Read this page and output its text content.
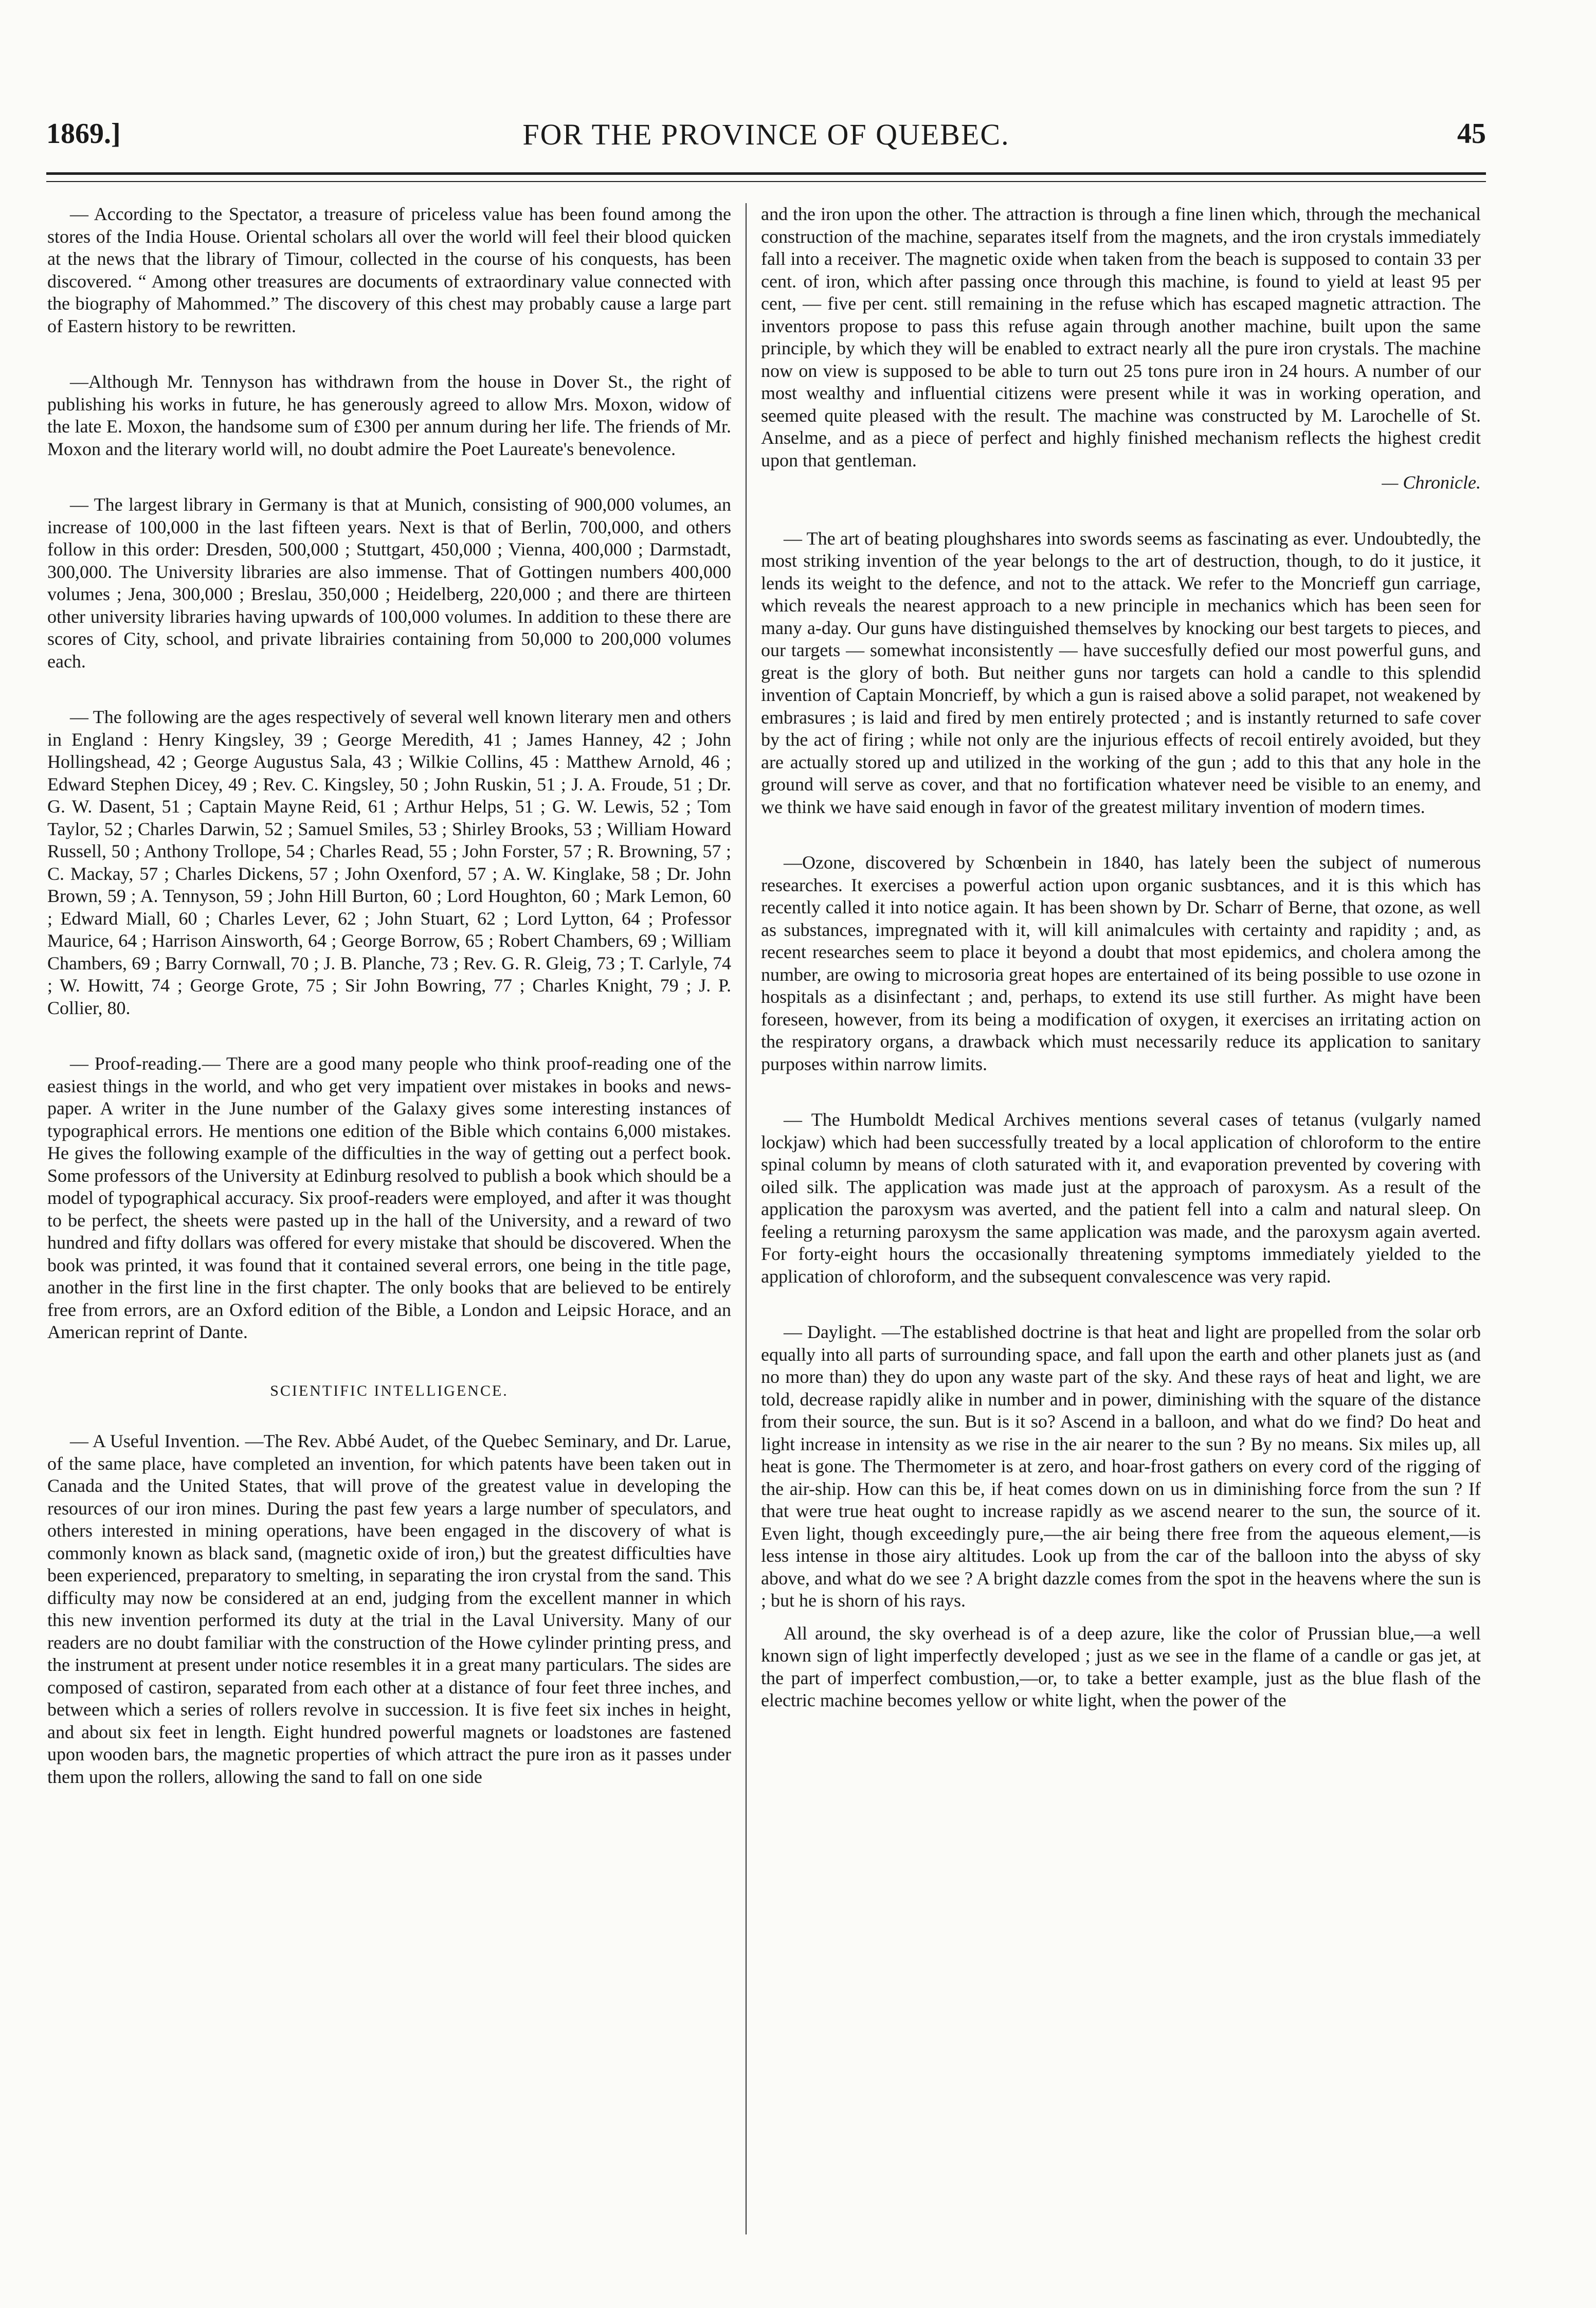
1869.]	FOR THE PROVINCE OF QUEBEC.	45

— According to the Spectator, a treasure of priceless value has been found among the stores of the India House. Oriental scholars all over the world will feel their blood quicken at the news that the library of Timour, collected in the course of his conquests, has been discovered. “ Among other treasures are documents of extraordinary value connected with the biography of Mahommed.” The discovery of this chest may probably cause a large part of Eastern history to be rewritten.

—Although Mr. Tennyson has withdrawn from the house in Dover St., the right of publishing his works in future, he has generously agreed to allow Mrs. Moxon, widow of the late E. Moxon, the handsome sum of £300 per annum during her life. The friends of Mr. Moxon and the literary world will, no doubt admire the Poet Laureate's benevolence.

— The largest library in Germany is that at Munich, consisting of 900,000 volumes, an increase of 100,000 in the last fifteen years. Next is that of Berlin, 700,000, and others follow in this order: Dresden, 500,000 ; Stuttgart, 450,000 ; Vienna, 400,000 ; Darmstadt, 300,000. The University libraries are also immense. That of Gottingen numbers 400,000 volumes ; Jena, 300,000 ; Breslau, 350,000 ; Heidelberg, 220,000 ; and there are thirteen other university libraries having upwards of 100,000 volumes. In addition to these there are scores of City, school, and private librairies containing from 50,000 to 200,000 volumes each.

— The following are the ages respectively of several well known literary men and others in England : Henry Kingsley, 39 ; George Meredith, 41 ; James Hanney, 42 ; John Hollingshead, 42 ; George Augustus Sala, 43 ; Wilkie Collins, 45 : Matthew Arnold, 46 ; Edward Stephen Dicey, 49 ; Rev. C. Kingsley, 50 ; John Ruskin, 51 ; J. A. Froude, 51 ; Dr. G. W. Dasent, 51 ; Captain Mayne Reid, 61 ; Arthur Helps, 51 ; G. W. Lewis, 52 ; Tom Taylor, 52 ; Charles Darwin, 52 ; Samuel Smiles, 53 ; Shirley Brooks, 53 ; William Howard Russell, 50 ; Anthony Trollope, 54 ; Charles Read, 55 ; John Forster, 57 ; R. Browning, 57 ; C. Mackay, 57 ; Charles Dickens, 57 ; John Oxenford, 57 ; A. W. Kinglake, 58 ; Dr. John Brown, 59 ; A. Tennyson, 59 ; John Hill Burton, 60 ; Lord Houghton, 60 ; Mark Lemon, 60 ; Edward Miall, 60 ; Charles Lever, 62 ; John Stuart, 62 ; Lord Lytton, 64 ; Professor Maurice, 64 ; Harrison Ainsworth, 64 ; George Borrow, 65 ; Robert Chambers, 69 ; William Chambers, 69 ; Barry Cornwall, 70 ; J. B. Planche, 73 ; Rev. G. R. Gleig, 73 ; T. Carlyle, 74 ; W. Howitt, 74 ; George Grote, 75 ; Sir John Bowring, 77 ; Charles Knight, 79 ; J. P. Collier, 80.

— Proof-reading.— There are a good many people who think proof-reading one of the easiest things in the world, and who get very impatient over mistakes in books and news-paper. A writer in the June number of the Galaxy gives some interesting instances of typographical errors. He mentions one edition of the Bible which contains 6,000 mistakes. He gives the following example of the difficulties in the way of getting out a perfect book. Some professors of the University at Edinburg resolved to publish a book which should be a model of typographical accuracy. Six proof-readers were employed, and after it was thought to be perfect, the sheets were pasted up in the hall of the University, and a reward of two hundred and fifty dollars was offered for every mistake that should be discovered. When the book was printed, it was found that it contained several errors, one being in the title page, another in the first line in the first chapter. The only books that are believed to be entirely free from errors, are an Oxford edition of the Bible, a London and Leipsic Horace, and an American reprint of Dante.

SCIENTIFIC INTELLIGENCE.

— A Useful Invention. —The Rev. Abbé Audet, of the Quebec Seminary, and Dr. Larue, of the same place, have completed an invention, for which patents have been taken out in Canada and the United States, that will prove of the greatest value in developing the resources of our iron mines. During the past few years a large number of speculators, and others interested in mining operations, have been engaged in the discovery of what is commonly known as black sand, (magnetic oxide of iron,) but the greatest difficulties have been experienced, preparatory to smelting, in separating the iron crystal from the sand. This difficulty may now be considered at an end, judging from the excellent manner in which this new invention performed its duty at the trial in the Laval University. Many of our readers are no doubt familiar with the construction of the Howe cylinder printing press, and the instrument at present under notice resembles it in a great many particulars. The sides are composed of castiron, separated from each other at a distance of four feet three inches, and between which a series of rollers revolve in succession. It is five feet six inches in height, and about six feet in length. Eight hundred powerful magnets or loadstones are fastened upon wooden bars, the magnetic properties of which attract the pure iron as it passes under them upon the rollers, allowing the sand to fall on one side

and the iron upon the other. The attraction is through a fine linen which, through the mechanical construction of the machine, separates itself from the magnets, and the iron crystals immediately fall into a receiver. The magnetic oxide when taken from the beach is supposed to contain 33 per cent. of iron, which after passing once through this machine, is found to yield at least 95 per cent, — five per cent. still remaining in the refuse which has escaped magnetic attraction. The inventors propose to pass this refuse again through another machine, built upon the same principle, by which they will be enabled to extract nearly all the pure iron crystals. The machine now on view is supposed to be able to turn out 25 tons pure iron in 24 hours. A number of our most wealthy and influential citizens were present while it was in working operation, and seemed quite pleased with the result. The machine was constructed by M. Larochelle of St. Anselme, and as a piece of perfect and highly finished mechanism reflects the highest credit upon that gentleman.

— Chronicle.

— The art of beating ploughshares into swords seems as fascinating as ever. Undoubtedly, the most striking invention of the year belongs to the art of destruction, though, to do it justice, it lends its weight to the defence, and not to the attack. We refer to the Moncrieff gun carriage, which reveals the nearest approach to a new principle in mechanics which has been seen for many a-day. Our guns have distinguished themselves by knocking our best targets to pieces, and our targets — somewhat inconsistently — have succesfully defied our most powerful guns, and great is the glory of both. But neither guns nor targets can hold a candle to this splendid invention of Captain Moncrieff, by which a gun is raised above a solid parapet, not weakened by embrasures ; is laid and fired by men entirely protected ; and is instantly returned to safe cover by the act of firing ; while not only are the injurious effects of recoil entirely avoided, but they are actually stored up and utilized in the working of the gun ; add to this that any hole in the ground will serve as cover, and that no fortification whatever need be visible to an enemy, and we think we have said enough in favor of the greatest military invention of modern times.

—Ozone, discovered by Schœnbein in 1840, has lately been the subject of numerous researches. It exercises a powerful action upon organic susbtances, and it is this which has recently called it into notice again. It has been shown by Dr. Scharr of Berne, that ozone, as well as substances, impregnated with it, will kill animalcules with certainty and rapidity ; and, as recent researches seem to place it beyond a doubt that most epidemics, and cholera among the number, are owing to microsoria great hopes are entertained of its being possible to use ozone in hospitals as a disinfectant ; and, perhaps, to extend its use still further. As might have been foreseen, however, from its being a modification of oxygen, it exercises an irritating action on the respiratory organs, a drawback which must necessarily reduce its application to sanitary purposes within narrow limits.

— The Humboldt Medical Archives mentions several cases of tetanus (vulgarly named lockjaw) which had been successfully treated by a local application of chloroform to the entire spinal column by means of cloth saturated with it, and evaporation prevented by covering with oiled silk. The application was made just at the approach of paroxysm. As a result of the application the paroxysm was averted, and the patient fell into a calm and natural sleep. On feeling a returning paroxysm the same application was made, and the paroxysm again averted. For forty-eight hours the occasionally threatening symptoms immediately yielded to the application of chloroform, and the subsequent convalescence was very rapid.

— Daylight. —The established doctrine is that heat and light are propelled from the solar orb equally into all parts of surrounding space, and fall upon the earth and other planets just as (and no more than) they do upon any waste part of the sky. And these rays of heat and light, we are told, decrease rapidly alike in number and in power, diminishing with the square of the distance from their source, the sun. But is it so? Ascend in a balloon, and what do we find? Do heat and light increase in intensity as we rise in the air nearer to the sun ? By no means. Six miles up, all heat is gone. The Thermometer is at zero, and hoar-frost gathers on every cord of the rigging of the air-ship. How can this be, if heat comes down on us in diminishing force from the sun ? If that were true heat ought to increase rapidly as we ascend nearer to the sun, the source of it. Even light, though exceedingly pure,—the air being there free from the aqueous element,—is less intense in those airy altitudes. Look up from the car of the balloon into the abyss of sky above, and what do we see ? A bright dazzle comes from the spot in the heavens where the sun is ; but he is shorn of his rays.

All around, the sky overhead is of a deep azure, like the color of Prussian blue,—a well known sign of light imperfectly developed ; just as we see in the flame of a candle or gas jet, at the part of imperfect combustion,—or, to take a better example, just as the blue flash of the electric machine becomes yellow or white light, when the power of the
